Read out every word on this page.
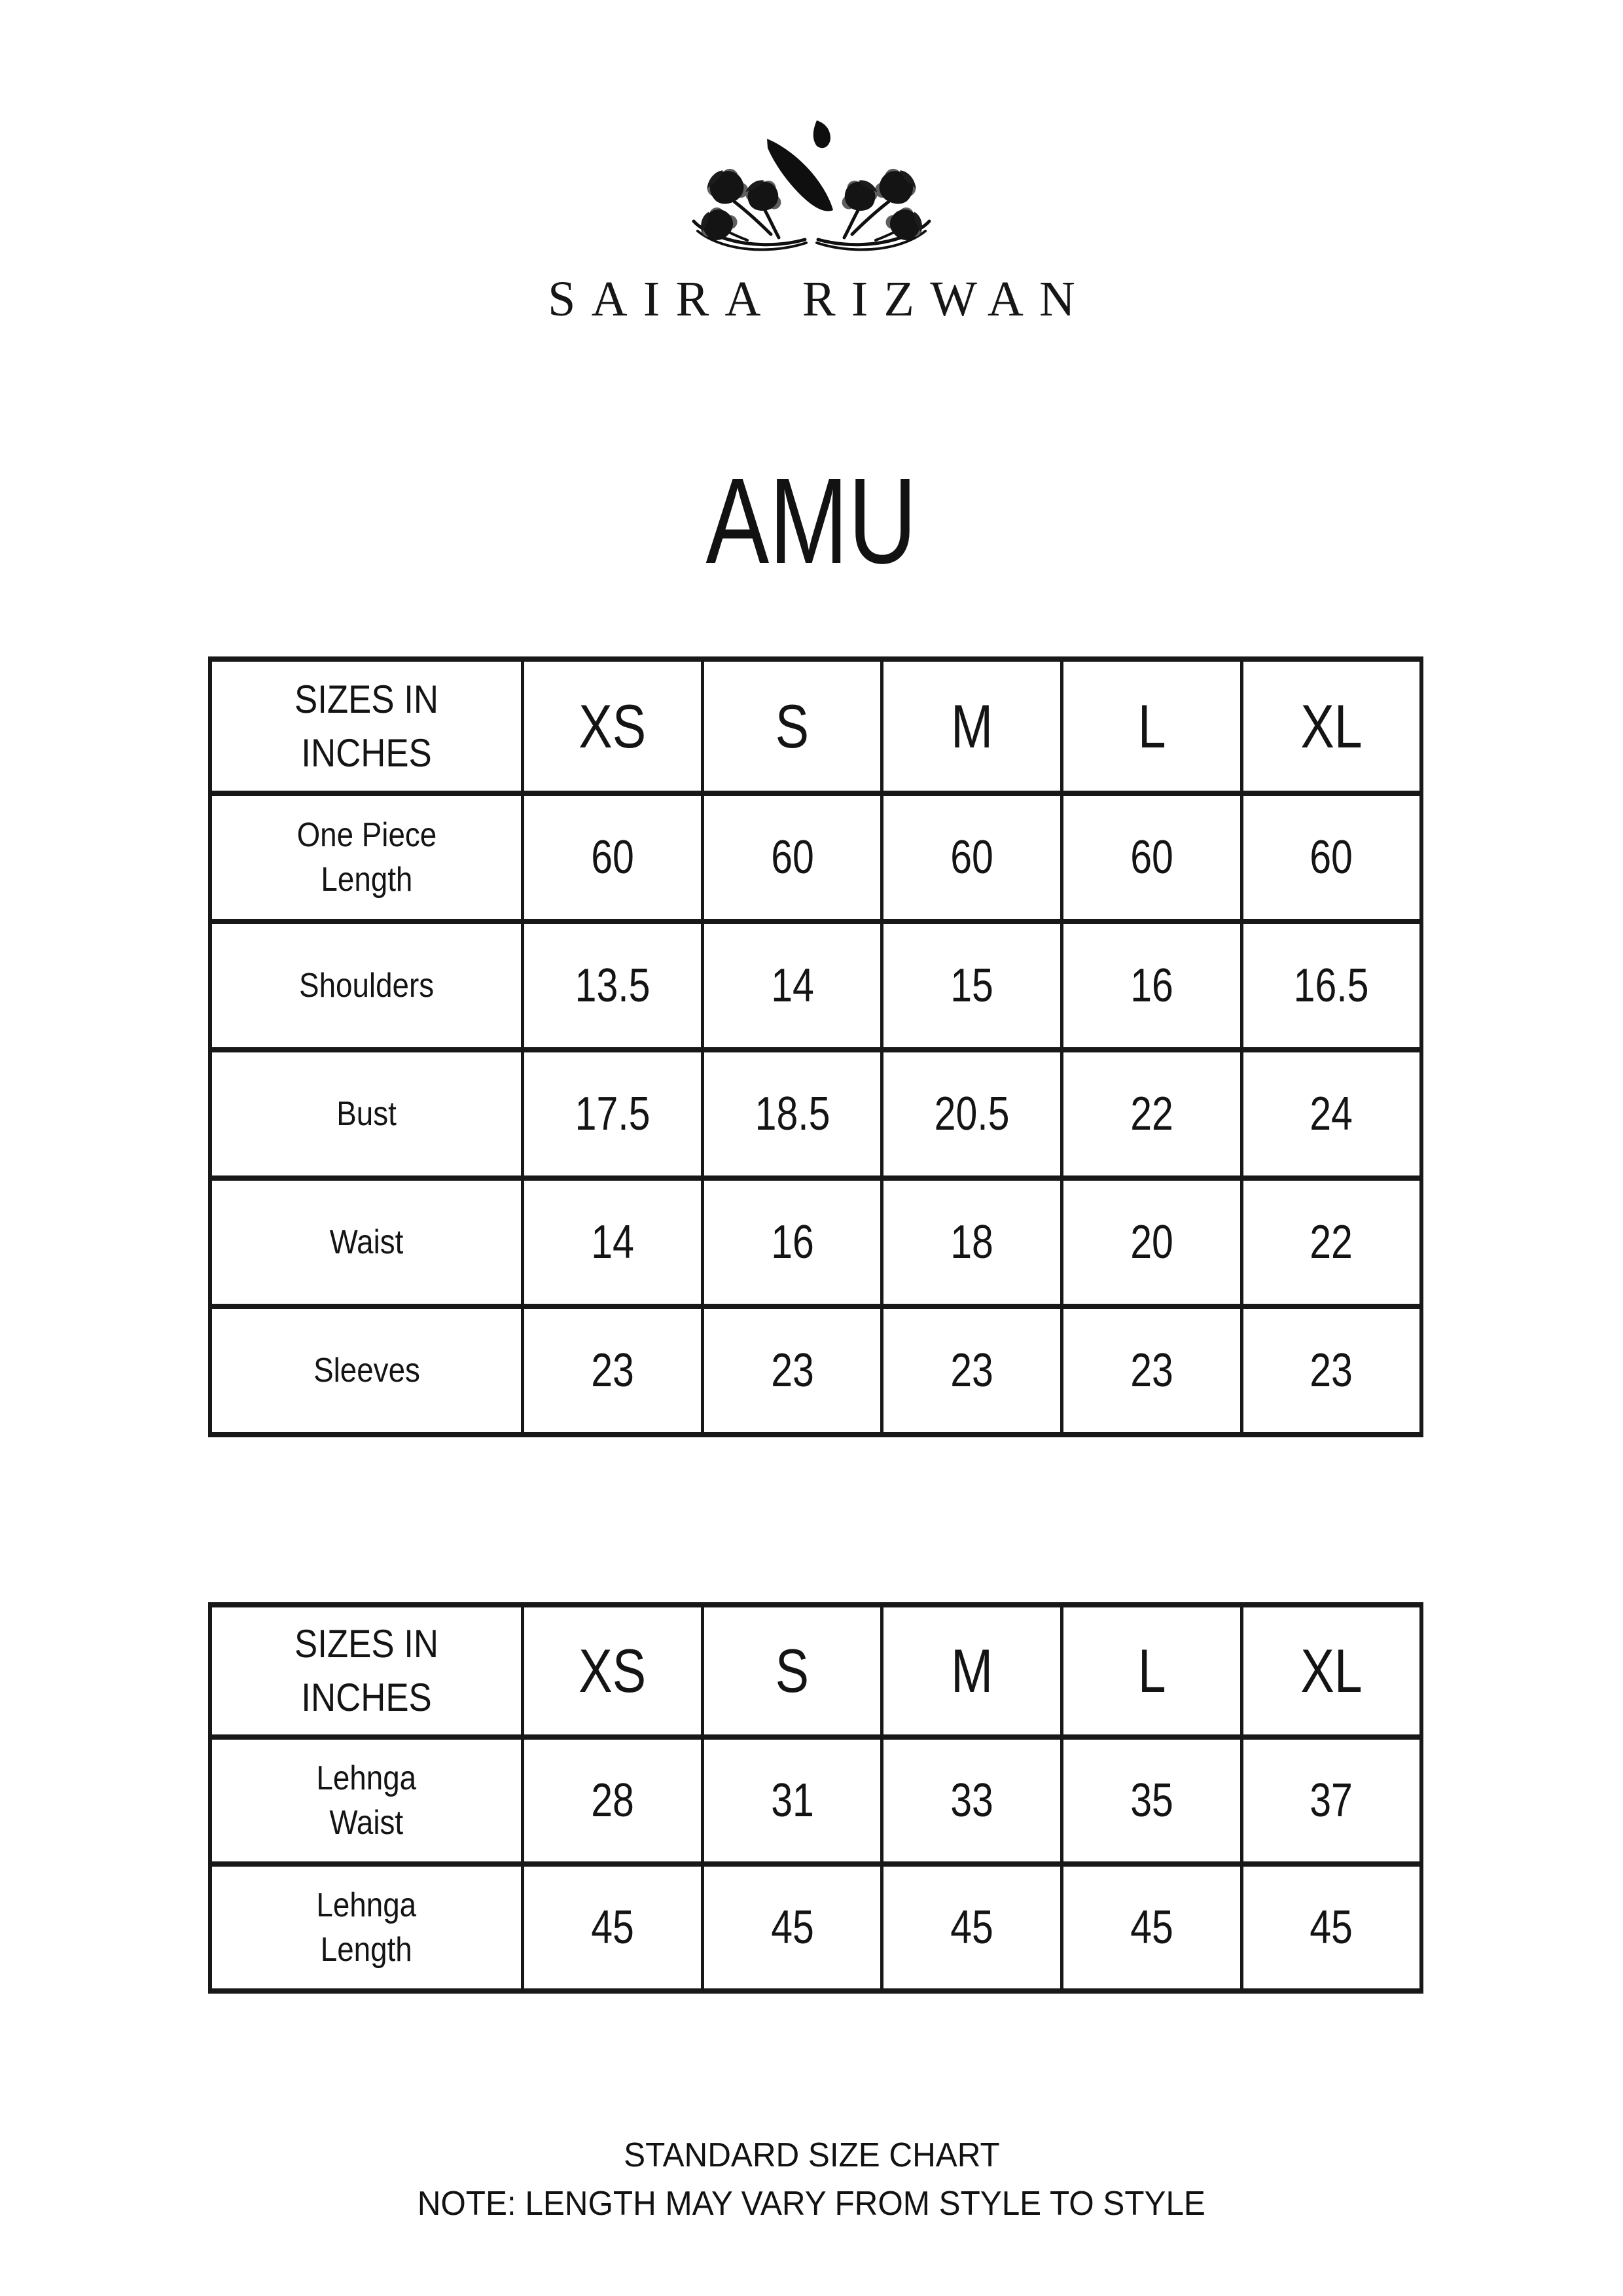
SAIRA RIZWAN
AMU
SIZES IN
INCHES	XS	S	M	L	XL
One Piece
Length	60	60	60	60	60
Shoulders	13.5	14	15	16	16.5
Bust	17.5	18.5	20.5	22	24
Waist	14	16	18	20	22
Sleeves	23	23	23	23	23
SIZES IN
INCHES	XS	S	M	L	XL
Lehnga
Waist	28	31	33	35	37
Lehnga
Length	45	45	45	45	45
STANDARD SIZE CHART
NOTE: LENGTH MAY VARY FROM STYLE TO STYLE
